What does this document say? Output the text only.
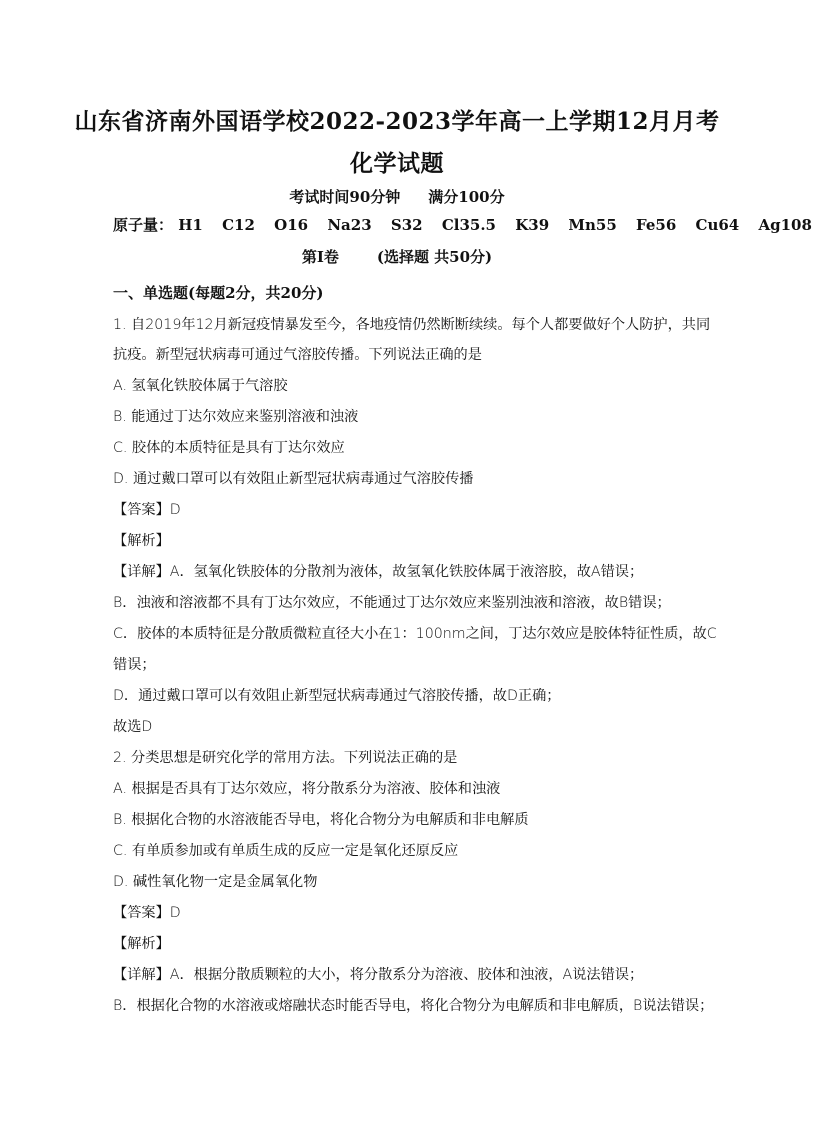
山东省济南外国语学校2022-2023学年高一上学期12月月考
化学试题
考试时间90分钟 满分100分
原子量： H1 C12 O16 Na23 S32 Cl35.5 K39 Mn55 Fe56 Cu64 Ag108
第I卷	(选择题 共50分)
一、单选题(每题2分，共20分)
1. 自2019年12月新冠疫情暴发至今，各地疫情仍然断断续续。每个人都要做好个人防护，共同
抗疫。新型冠状病毒可通过气溶胶传播。下列说法正确的是
A. 氢氧化铁胶体属于气溶胶
B. 能通过丁达尔效应来鉴别溶液和浊液
C. 胶体的本质特征是具有丁达尔效应
D. 通过戴口罩可以有效阻止新型冠状病毒通过气溶胶传播
【答案】D
【解析】
【详解】A．氢氧化铁胶体的分散剂为液体，故氢氧化铁胶体属于液溶胶，故A错误；
B．浊液和溶液都不具有丁达尔效应，不能通过丁达尔效应来鉴别浊液和溶液，故B错误；
C．胶体的本质特征是分散质微粒直径大小在1：100nm之间，丁达尔效应是胶体特征性质，故C
错误；
D．通过戴口罩可以有效阻止新型冠状病毒通过气溶胶传播，故D正确；
故选D
2. 分类思想是研究化学的常用方法。下列说法正确的是
A. 根据是否具有丁达尔效应，将分散系分为溶液、胶体和浊液
B. 根据化合物的水溶液能否导电，将化合物分为电解质和非电解质
C. 有单质参加或有单质生成的反应一定是氧化还原反应
D. 碱性氧化物一定是金属氧化物
【答案】D
【解析】
【详解】A．根据分散质颗粒的大小，将分散系分为溶液、胶体和浊液，A说法错误；
B．根据化合物的水溶液或熔融状态时能否导电，将化合物分为电解质和非电解质，B说法错误；
